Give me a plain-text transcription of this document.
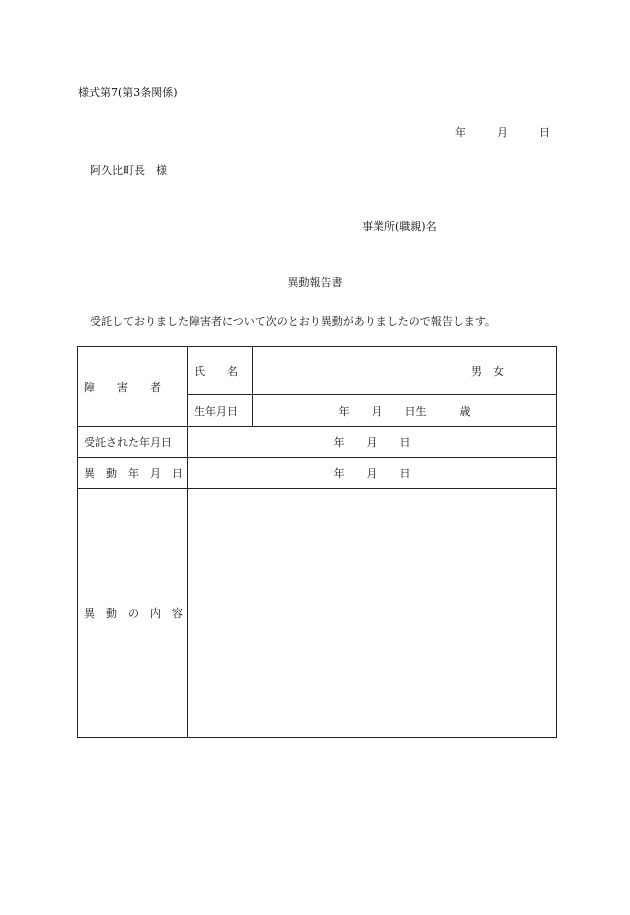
様式第7(第3条関係)
年	月	日
阿久比町長　様
事業所(職親)名
異動報告書
受託しておりました障害者について次のとおり異動がありましたので報告します。
障　　害　　者	氏　　名	男　女
	生年月日	年　　月　　日生　　　歳
受託された年月日	年　　月　　日	
異　動　年　月　日	年　　月　　日	
異　動　の　内　容		
